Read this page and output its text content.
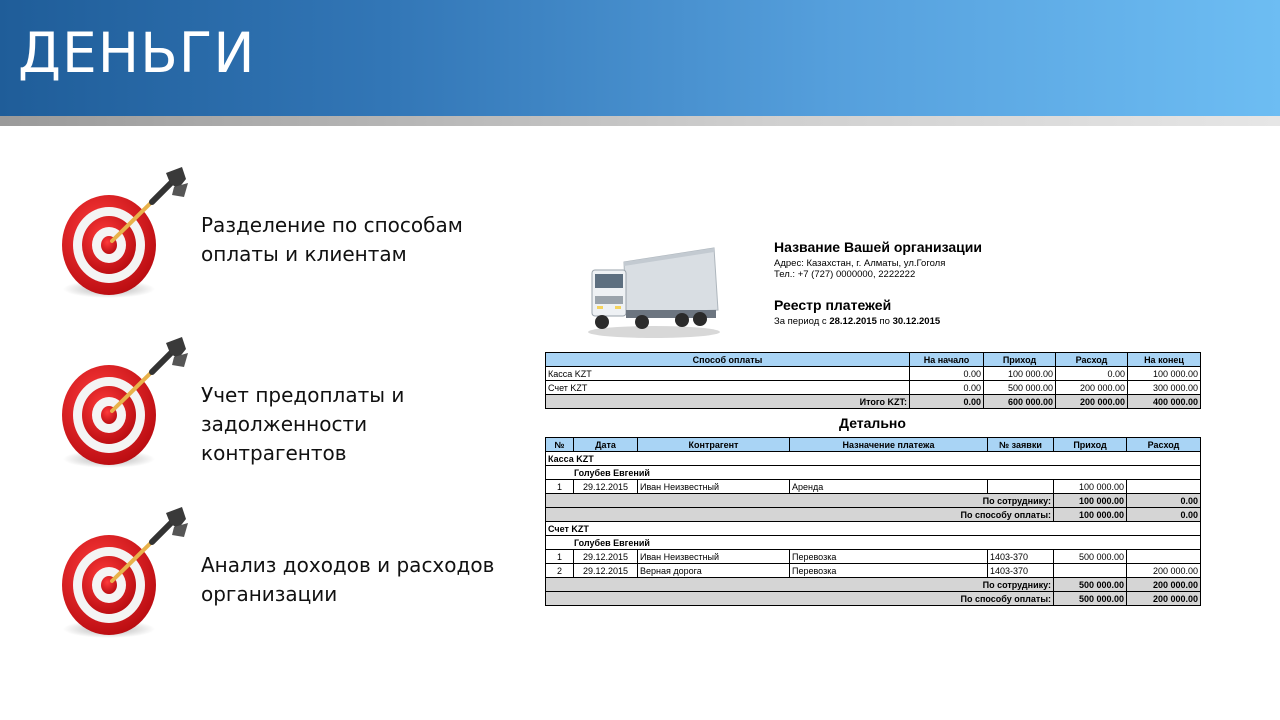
ДЕНЬГИ
Разделение по способам
оплаты и клиентам
Учет предоплаты и
задолженности контрагентов
Анализ доходов и расходов
организации
Название Вашей организации
Адрес: Казахстан, г. Алматы, ул.Гоголя
Тел.: +7 (727) 0000000, 2222222
Реестр платежей
За период с 28.12.2015 по 30.12.2015
Способ оплаты	На начало	Приход	Расход	На конец
Касса KZT	0.00	100 000.00	0.00	100 000.00
Счет KZT	0.00	500 000.00	200 000.00	300 000.00
Итого KZT:	0.00	600 000.00	200 000.00	400 000.00
Детально
№	Дата	Контрагент	Назначение платежа	№ заявки	Приход	Расход
Касса KZT						
Голубев Евгений						
1	29.12.2015	Иван Неизвестный	Аренда		100 000.00	
По сотруднику:					100 000.00	0.00
По способу оплаты:					100 000.00	0.00
Счет KZT						
Голубев Евгений						
1	29.12.2015	Иван Неизвестный	Перевозка	1403-370	500 000.00	
2	29.12.2015	Верная дорога	Перевозка	1403-370		200 000.00
По сотруднику:					500 000.00	200 000.00
По способу оплаты:					500 000.00	200 000.00
